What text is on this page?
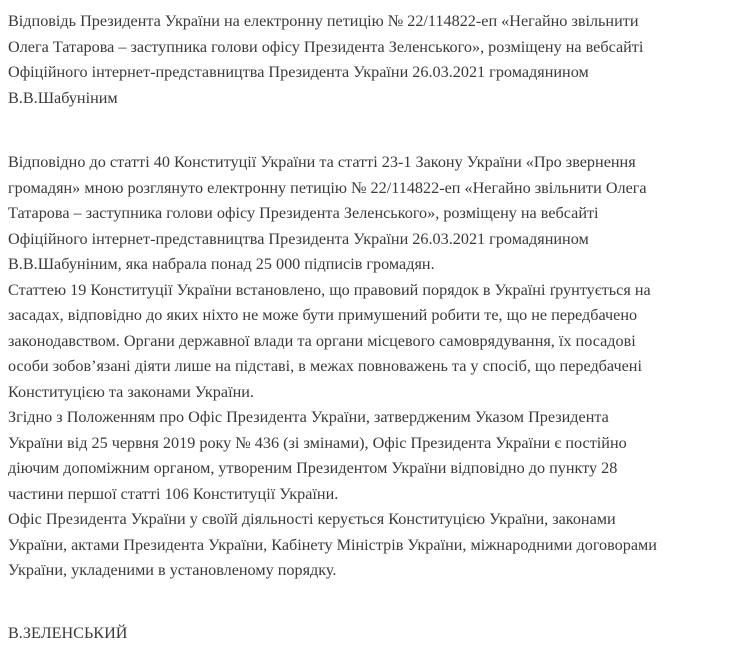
Відповідь Президента України на електронну петицію № 22/114822-еп «Негайно звільнити
Олега Татарова – заступника голови офісу Президента Зеленського», розміщену на вебсайті
Офіційного інтернет-представництва Президента України 26.03.2021 громадянином
В.В.Шабуніним
Відповідно до статті 40 Конституції України та статті 23-1 Закону України «Про звернення
громадян» мною розглянуто електронну петицію № 22/114822-еп «Негайно звільнити Олега
Татарова – заступника голови офісу Президента Зеленського», розміщену на вебсайті
Офіційного інтернет-представництва Президента України 26.03.2021 громадянином
В.В.Шабуніним, яка набрала понад 25 000 підписів громадян.
Статтею 19 Конституції України встановлено, що правовий порядок в Україні ґрунтується на
засадах, відповідно до яких ніхто не може бути примушений робити те, що не передбачено
законодавством. Органи державної влади та органи місцевого самоврядування, їх посадові
особи зобов’язані діяти лише на підставі, в межах повноважень та у спосіб, що передбачені
Конституцією та законами України.
Згідно з Положенням про Офіс Президента України, затвердженим Указом Президента
України від 25 червня 2019 року № 436 (зі змінами), Офіс Президента України є постійно
діючим допоміжним органом, утвореним Президентом України відповідно до пункту 28
частини першої статті 106 Конституції України.
Офіс Президента України у своїй діяльності керується Конституцією України, законами
України, актами Президента України, Кабінету Міністрів України, міжнародними договорами
України, укладеними в установленому порядку.
В.ЗЕЛЕНСЬКИЙ
